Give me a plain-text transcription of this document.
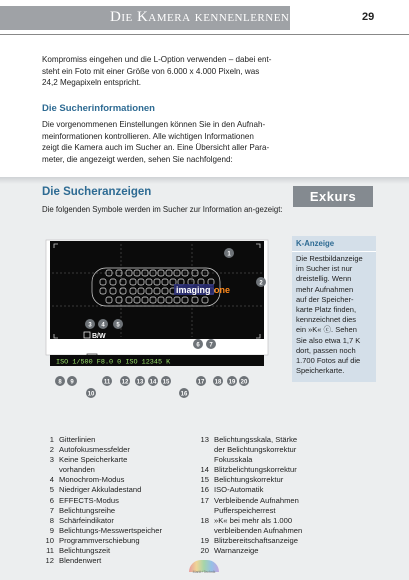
Die Kamera kennenlernen	29
Kompromiss eingehen und die L-Option verwenden – dabei ent-
steht ein Foto mit einer Größe von 6.000 x 4.000 Pixeln, was
24,2 Megapixeln entspricht.
Die Sucherinformationen
Die vorgenommenen Einstellungen können Sie in den Aufnah-
meinformationen kontrollieren. Alle wichtigen Informationen
zeigt die Kamera auch im Sucher an. Eine Übersicht aller Para-
meter, die angezeigt werden, sehen Sie nachfolgend:
Die Sucheranzeigen
Die folgenden Symbole werden im Sucher zur Information an-gezeigt:
Exkurs
K-Anzeige
Die Restbildanzeige
im Sucher ist nur
dreistellig. Wenn
mehr Aufnahmen
auf der Speicher-
karte Platz finden,
kennzeichnet dies
ein »K« ⓒ. Sehen
Sie also etwa 1,7 K
dort, passen noch
1.700 Fotos auf die
Speicherkarte.
imaging one
B/W
ISO 1/500 F8.0 0 ISO 12345 K
1
2
3 4 5
6 7
8 9
10
11 12 13 14 15
16
17 18 19 20
1 Gitterlinien
2 Autofokusmessfelder
3 Keine Speicherkarte
vorhanden
4 Monochrom-Modus
5 Niedriger Akkuladestand
6 EFFECTS-Modus
7 Belichtungsreihe
8 Schärfeindikator
9 Belichtungs-Messwertspeicher
10 Programmverschiebung
11 Belichtungszeit
12 Blendenwert
13 Belichtungsskala, Stärke
der Belichtungskorrektur
Fokusskala
14 Blitzbelichtungskorrektur
15 Belichtungskorrektur
16 ISO-Automatik
17 Verbleibende Aufnahmen
Pufferspeicherrest
18 »K« bei mehr als 1.000
verbleibenden Aufnahmen
19 Blitzbereitschaftsanzeige
20 Warnanzeige
Markt+Technik
